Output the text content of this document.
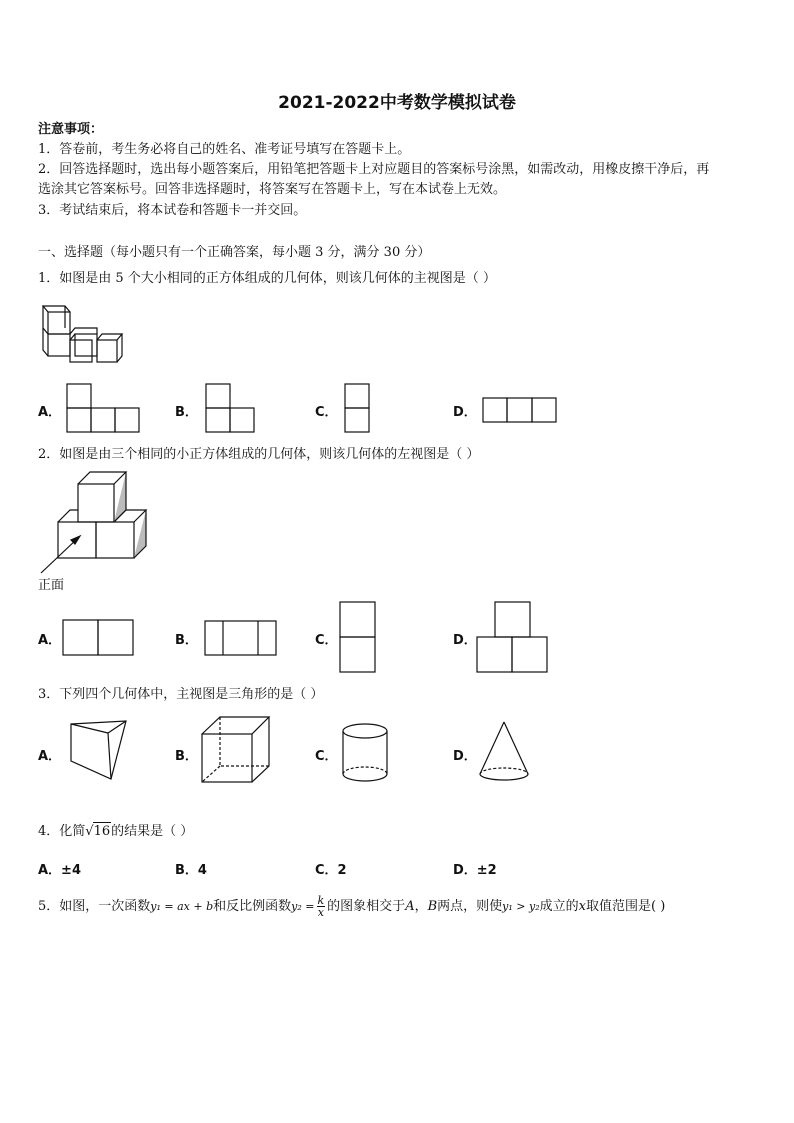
2021-2022中考数学模拟试卷
注意事项：
1．答卷前，考生务必将自己的姓名、准考证号填写在答题卡上。
2．回答选择题时，选出每小题答案后，用铅笔把答题卡上对应题目的答案标号涂黑，如需改动，用橡皮擦干净后，再
选涂其它答案标号。回答非选择题时，将答案写在答题卡上，写在本试卷上无效。
3．考试结束后，将本试卷和答题卡一并交回。
一、选择题（每小题只有一个正确答案，每小题 3 分，满分 30 分）
1．如图是由 5 个大小相同的正方体组成的几何体，则该几何体的主视图是（ ）
A．	B．	C．	D．
2．如图是由三个相同的小正方体组成的几何体，则该几何体的左视图是（ ）
正面
A．	B．	C．	D．
3．下列四个几何体中，主视图是三角形的是（ ）
A．	B．	C．	D．
4．化简√16的结果是（ ）
A．±4	B．4	C．2	D．±2
5．如图，一次函数y₁ = ax + b和反比例函数$y_2 = \frac{k}{x}$ 的图象相交于A，B两点，则使y₁ > y₂成立的x取值范围是( )
